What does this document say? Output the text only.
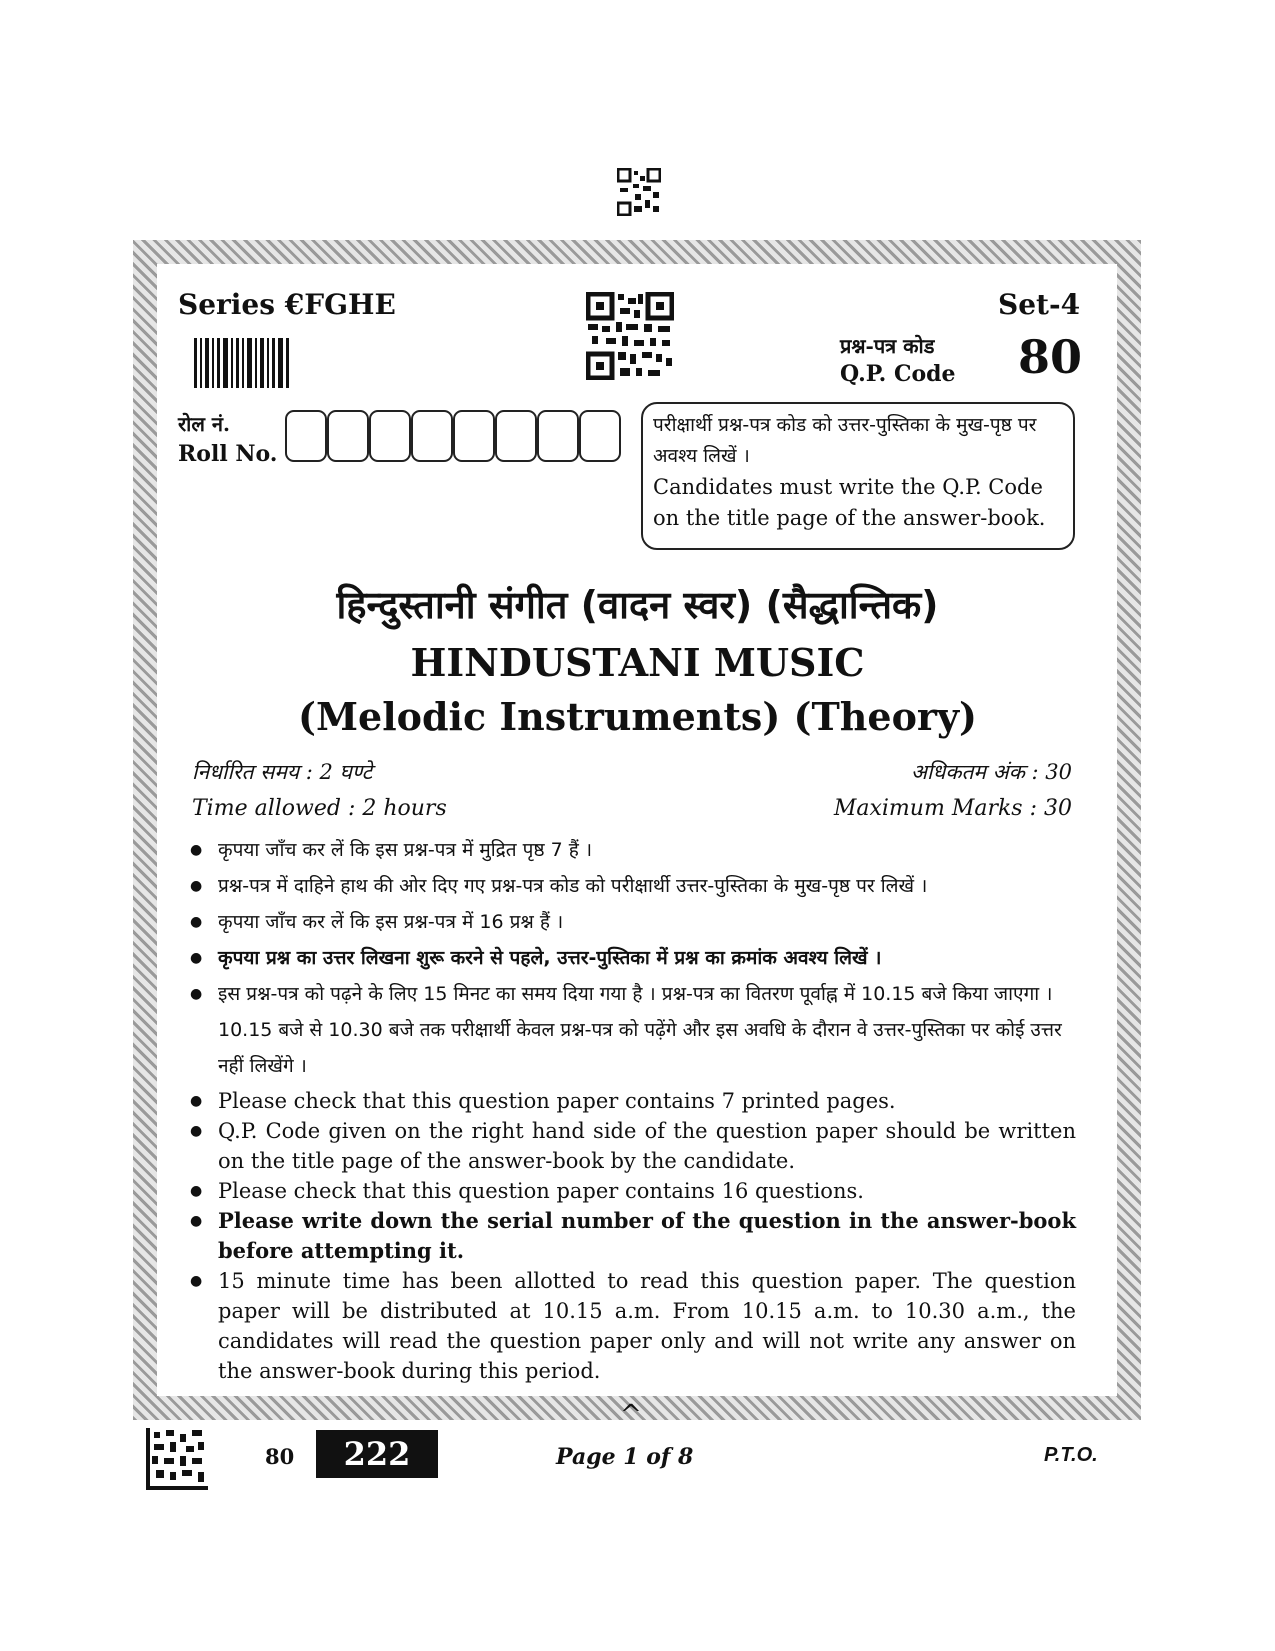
Series €FGHE	Set-4
प्रश्न-पत्र कोड
Q.P. Code 80
रोल नं.
Roll No.
परीक्षार्थी प्रश्न-पत्र कोड को उत्तर-पुस्तिका के मुख-पृष्ठ पर अवश्य लिखें ।
Candidates must write the Q.P. Code on the title page of the answer-book.
हिन्दुस्तानी संगीत (वादन स्वर) (सैद्धान्तिक)
HINDUSTANI MUSIC
(Melodic Instruments) (Theory)
निर्धारित समय : 2 घण्टे	अधिकतम अंक : 30
Time allowed : 2 hours	Maximum Marks : 30
● कृपया जाँच कर लें कि इस प्रश्न-पत्र में मुद्रित पृष्ठ 7 हैं ।
● प्रश्न-पत्र में दाहिने हाथ की ओर दिए गए प्रश्न-पत्र कोड को परीक्षार्थी उत्तर-पुस्तिका के मुख-पृष्ठ पर लिखें ।
● कृपया जाँच कर लें कि इस प्रश्न-पत्र में 16 प्रश्न हैं ।
● कृपया प्रश्न का उत्तर लिखना शुरू करने से पहले, उत्तर-पुस्तिका में प्रश्न का क्रमांक अवश्य लिखें ।
● इस प्रश्न-पत्र को पढ़ने के लिए 15 मिनट का समय दिया गया है । प्रश्न-पत्र का वितरण पूर्वाह्न में 10.15 बजे किया जाएगा । 10.15 बजे से 10.30 बजे तक परीक्षार्थी केवल प्रश्न-पत्र को पढ़ेंगे और इस अवधि के दौरान वे उत्तर-पुस्तिका पर कोई उत्तर नहीं लिखेंगे ।
● Please check that this question paper contains 7 printed pages.
● Q.P. Code given on the right hand side of the question paper should be written on the title page of the answer-book by the candidate.
● Please check that this question paper contains 16 questions.
● Please write down the serial number of the question in the answer-book before attempting it.
● 15 minute time has been allotted to read this question paper. The question paper will be distributed at 10.15 a.m. From 10.15 a.m. to 10.30 a.m., the candidates will read the question paper only and will not write any answer on the answer-book during this period.
^
80	222	Page 1 of 8	P.T.O.
